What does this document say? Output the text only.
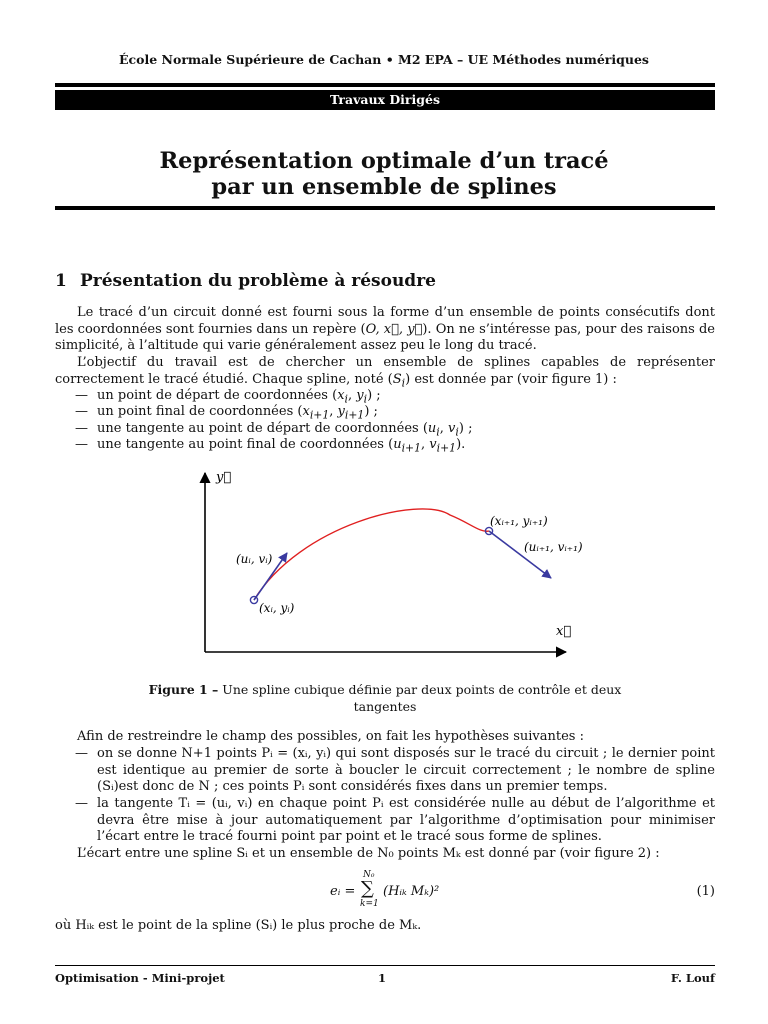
École Normale Supérieure de Cachan • M2 EPA – UE Méthodes numériques
Travaux Dirigés
Représentation optimale d’un tracé
par un ensemble de splines
1 Présentation du problème à résoudre
Le tracé d’un circuit donné est fourni sous la forme d’un ensemble de points consécutifs dont les coordonnées sont fournies dans un repère (O, x⃗, y⃗). On ne s’intéresse pas, pour des raisons de simplicité, à l’altitude qui varie généralement assez peu le long du tracé.
L’objectif du travail est de chercher un ensemble de splines capables de représenter correctement le tracé étudié. Chaque spline, noté $(S_i)$ est donnée par (voir figure 1) :
— un point de départ de coordonnées ($x_i$, $y_i$) ;
— un point final de coordonnées ($x_{i+1}$, $y_{i+1}$) ;
— une tangente au point de départ de coordonnées ($u_i$, $v_i$) ;
— une tangente au point final de coordonnées ($u_{i+1}$, $v_{i+1}$).
y⃗
x⃗
(xᵢ, yᵢ)
(uᵢ, vᵢ)
(xᵢ₊₁, yᵢ₊₁)
(uᵢ₊₁, vᵢ₊₁)
Figure 1 – Une spline cubique définie par deux points de contrôle et deux tangentes
Afin de restreindre le champ des possibles, on fait les hypothèses suivantes :
— on se donne N+1 points Pᵢ = (xᵢ, yᵢ) qui sont disposés sur le tracé du circuit ; le dernier point est identique au premier de sorte à boucler le circuit correctement ; le nombre de spline (Sᵢ)est donc de N ; ces points Pᵢ sont considérés fixes dans un premier temps.
— la tangente Tᵢ = (uᵢ, vᵢ) en chaque point Pᵢ est considérée nulle au début de l’algorithme et devra être mise à jour automatiquement par l’algorithme d’optimisation pour minimiser l’écart entre le tracé fourni point par point et le tracé sous forme de splines.
L’écart entre une spline Sᵢ et un ensemble de N₀ points Mₖ est donné par (voir figure 2) :
eᵢ =
N₀
∑
k=1
(Hᵢₖ Mₖ)²	(1)
où Hᵢₖ est le point de la spline (Sᵢ) le plus proche de Mₖ.
Optimisation - Mini-projet	1	F. Louf
